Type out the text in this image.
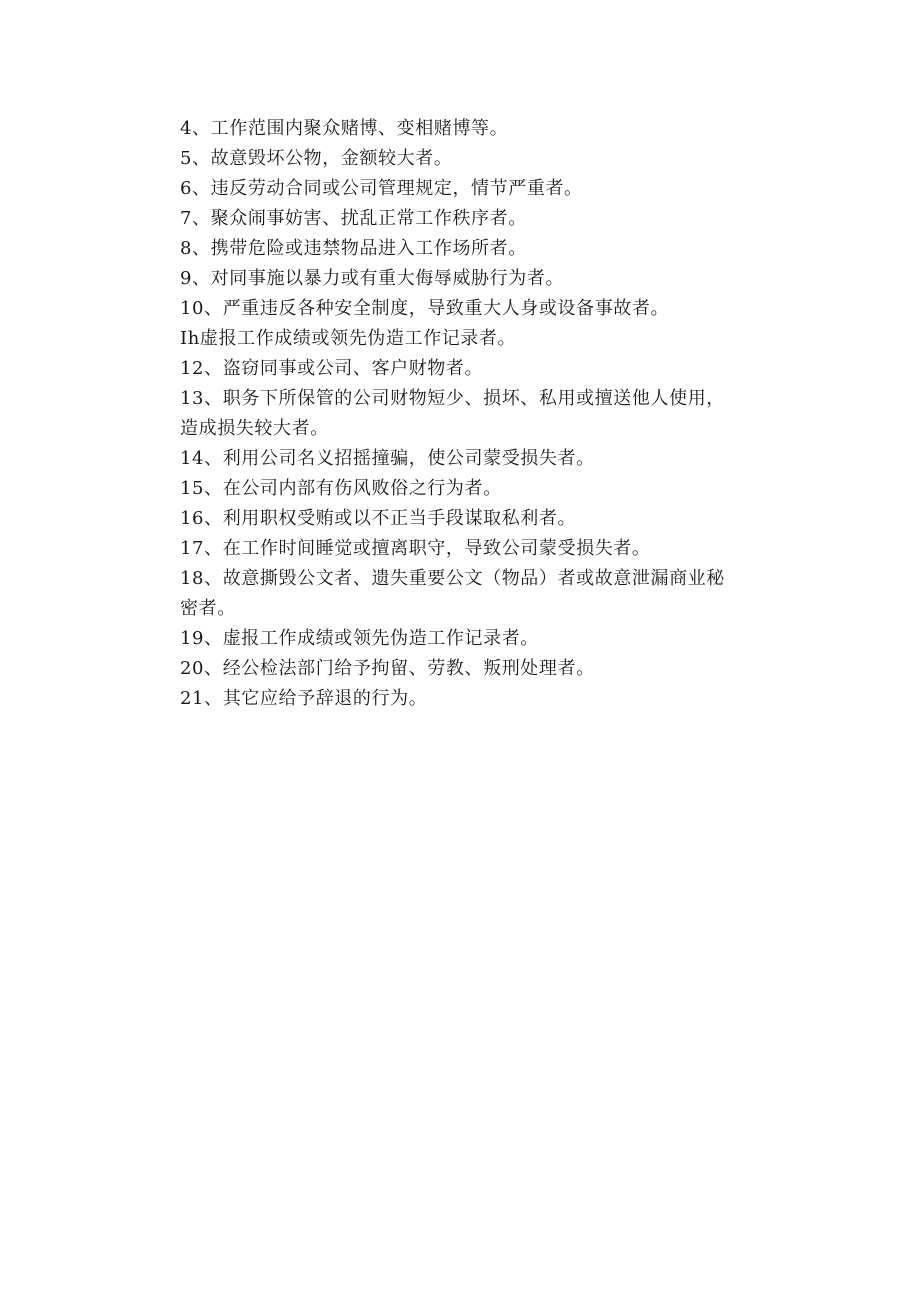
4、工作范围内聚众赌博、变相赌博等。
5、故意毁坏公物，金额较大者。
6、违反劳动合同或公司管理规定，情节严重者。
7、聚众闹事妨害、扰乱正常工作秩序者。
8、携带危险或违禁物品进入工作场所者。
9、对同事施以暴力或有重大侮辱威胁行为者。
10、严重违反各种安全制度，导致重大人身或设备事故者。
Ih虚报工作成绩或领先伪造工作记录者。
12、盗窃同事或公司、客户财物者。
13、职务下所保管的公司财物短少、损坏、私用或擅送他人使用，
造成损失较大者。
14、利用公司名义招摇撞骗，使公司蒙受损失者。
15、在公司内部有伤风败俗之行为者。
16、利用职权受贿或以不正当手段谋取私利者。
17、在工作时间睡觉或擅离职守，导致公司蒙受损失者。
18、故意撕毁公文者、遗失重要公文（物品）者或故意泄漏商业秘
密者。
19、虚报工作成绩或领先伪造工作记录者。
20、经公检法部门给予拘留、劳教、叛刑处理者。
21、其它应给予辞退的行为。
